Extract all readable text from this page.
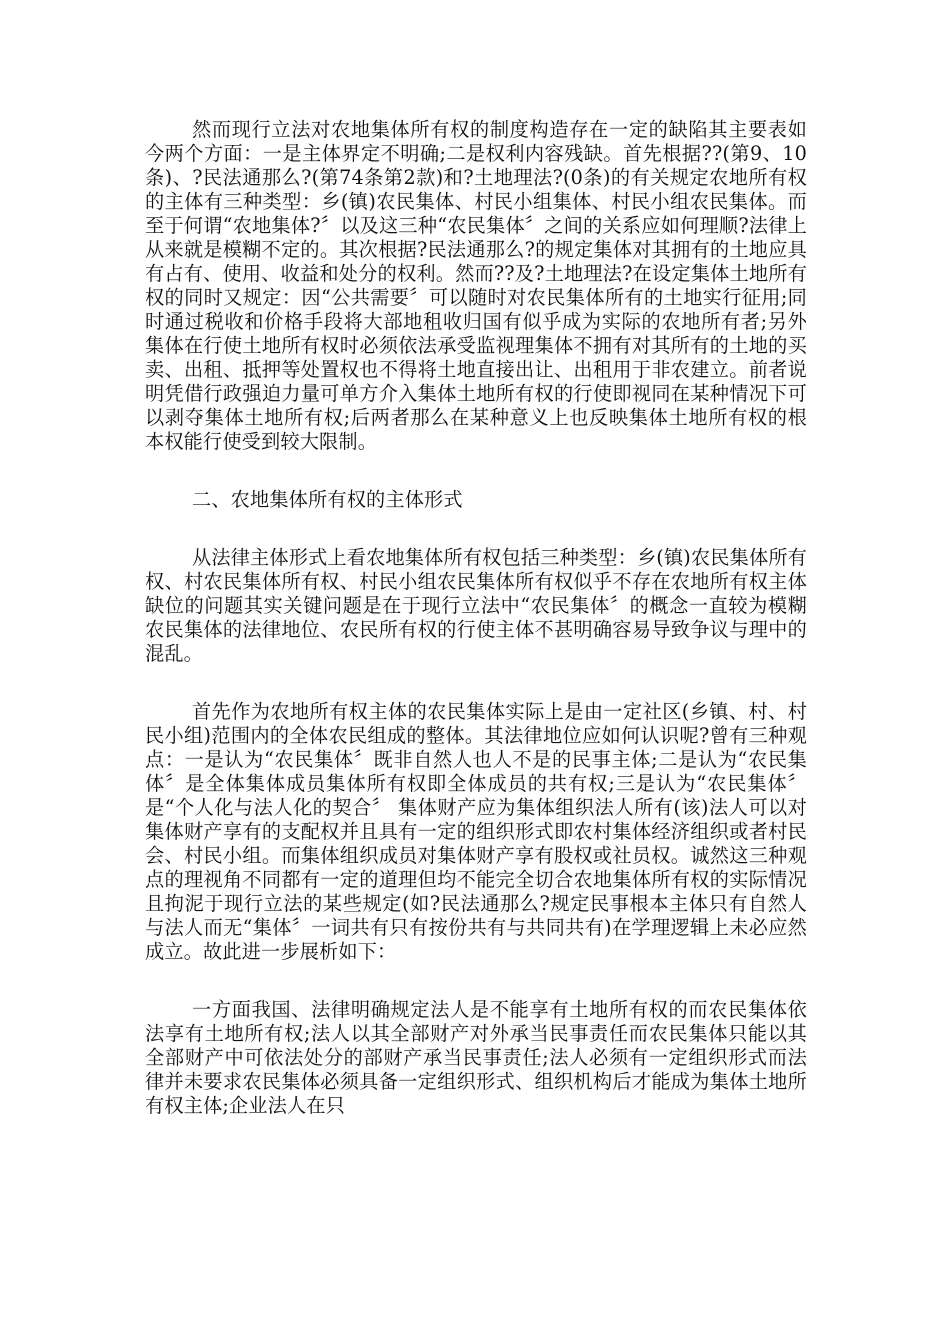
然而现行立法对农地集体所有权的制度构造存在一定的缺陷其主要表如今两个方面：一是主体界定不明确;二是权利内容残缺。首先根据??(第9、10条)、?民法通那么?(第74条第2款)和?土地理法?(0条)的有关规定农地所有权的主体有三种类型：乡(镇)农民集体、村民小组集体、村民小组农民集体。而至于何谓“农地集体?〞以及这三种“农民集体〞之间的关系应如何理顺?法律上从来就是模糊不定的。其次根据?民法通那么?的规定集体对其拥有的土地应具有占有、使用、收益和处分的权利。然而??及?土地理法?在设定集体土地所有权的同时又规定：因“公共需要〞可以随时对农民集体所有的土地实行征用;同时通过税收和价格手段将大部地租收归国有似乎成为实际的农地所有者;另外集体在行使土地所有权时必须依法承受监视理集体不拥有对其所有的土地的买卖、出租、抵押等处置权也不得将土地直接出让、出租用于非农建立。前者说明凭借行政强迫力量可单方介入集体土地所有权的行使即视同在某种情况下可以剥夺集体土地所有权;后两者那么在某种意义上也反映集体土地所有权的根本权能行使受到较大限制。

二、农地集体所有权的主体形式

从法律主体形式上看农地集体所有权包括三种类型：乡(镇)农民集体所有权、村农民集体所有权、村民小组农民集体所有权似乎不存在农地所有权主体缺位的问题其实关键问题是在于现行立法中“农民集体〞的概念一直较为模糊农民集体的法律地位、农民所有权的行使主体不甚明确容易导致争议与理中的混乱。

首先作为农地所有权主体的农民集体实际上是由一定社区(乡镇、村、村民小组)范围内的全体农民组成的整体。其法律地位应如何认识呢?曾有三种观点：一是认为“农民集体〞既非自然人也人不是的民事主体;二是认为“农民集体〞是全体集体成员集体所有权即全体成员的共有权;三是认为“农民集体〞 是“个人化与法人化的契合〞 集体财产应为集体组织法人所有(该)法人可以对集体财产享有的支配权并且具有一定的组织形式即农村集体经济组织或者村民会、村民小组。而集体组织成员对集体财产享有股权或社员权。诚然这三种观点的理视角不同都有一定的道理但均不能完全切合农地集体所有权的实际情况且拘泥于现行立法的某些规定(如?民法通那么?规定民事根本主体只有自然人与法人而无“集体〞一词共有只有按份共有与共同共有)在学理逻辑上未必应然成立。故此进一步展析如下：

一方面我国、法律明确规定法人是不能享有土地所有权的而农民集体依法享有土地所有权;法人以其全部财产对外承当民事责任而农民集体只能以其全部财产中可依法处分的部财产承当民事责任;法人必须有一定组织形式而法律并未要求农民集体必须具备一定组织形式、组织机构后才能成为集体土地所有权主体;企业法人在只
